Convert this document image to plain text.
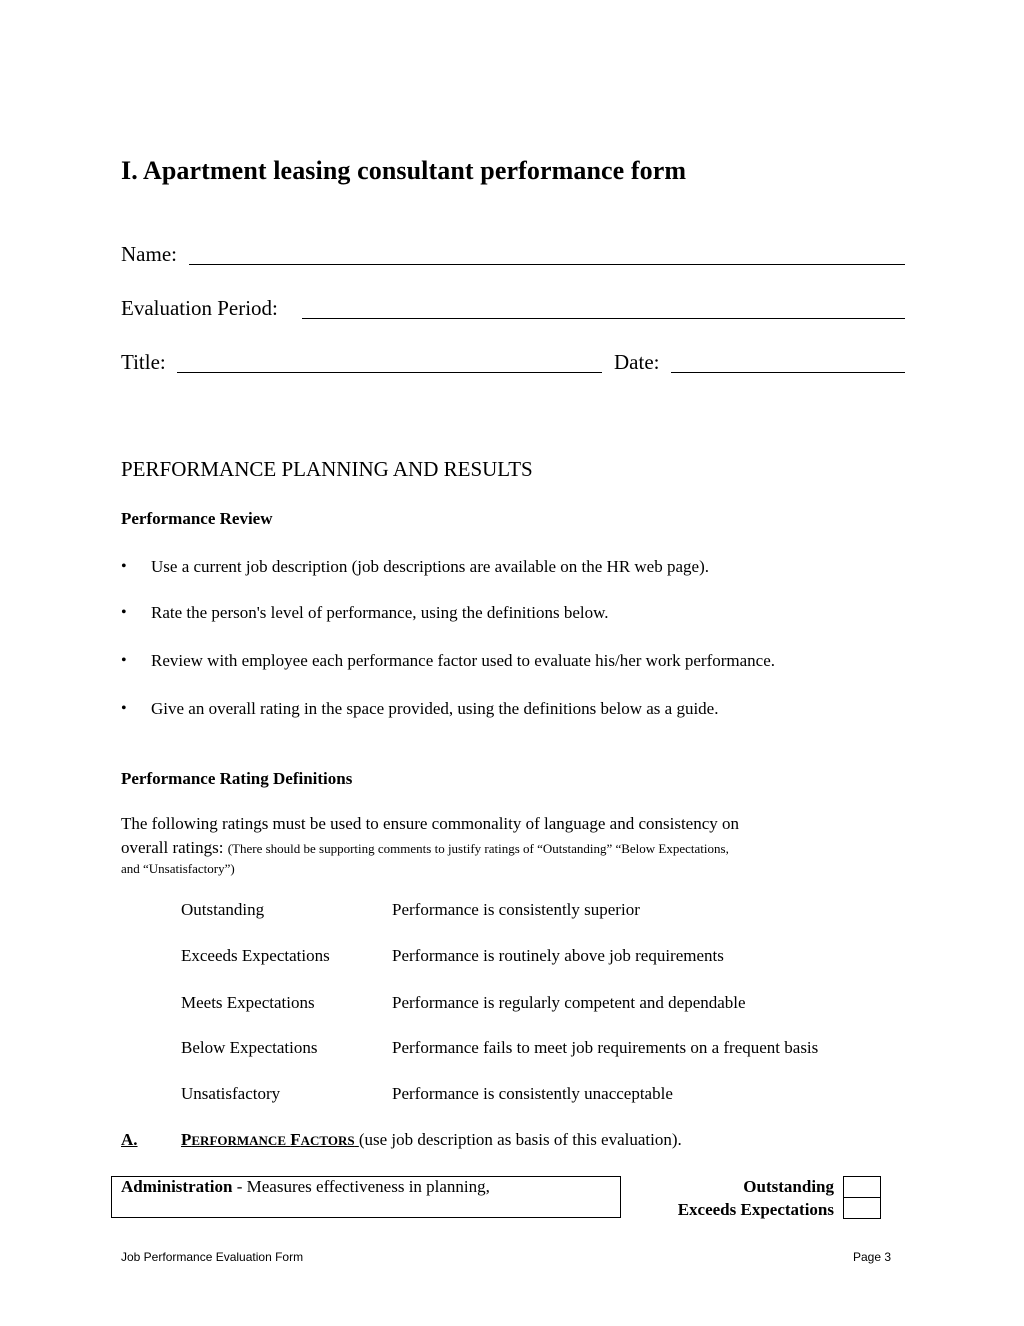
I. Apartment leasing consultant performance form
Name:
Evaluation Period:
Title:	Date:
PERFORMANCE PLANNING AND RESULTS
Performance Review
• Use a current job description (job descriptions are available on the HR web page).
• Rate the person's level of performance, using the definitions below.
• Review with employee each performance factor used to evaluate his/her work performance.
• Give an overall rating in the space provided, using the definitions below as a guide.
Performance Rating Definitions
The following ratings must be used to ensure commonality of language and consistency on
overall ratings: (There should be supporting comments to justify ratings of “Outstanding” “Below Expectations,
and “Unsatisfactory”)
Outstanding	Performance is consistently superior
Exceeds Expectations	Performance is routinely above job requirements
Meets Expectations	Performance is regularly competent and dependable
Below Expectations	Performance fails to meet job requirements on a frequent basis
Unsatisfactory	Performance is consistently unacceptable
A.	PERFORMANCE FACTORS (use job description as basis of this evaluation).
Administration - Measures effectiveness in planning,	Outstanding
Exceeds Expectations
Job Performance Evaluation Form	Page 3
